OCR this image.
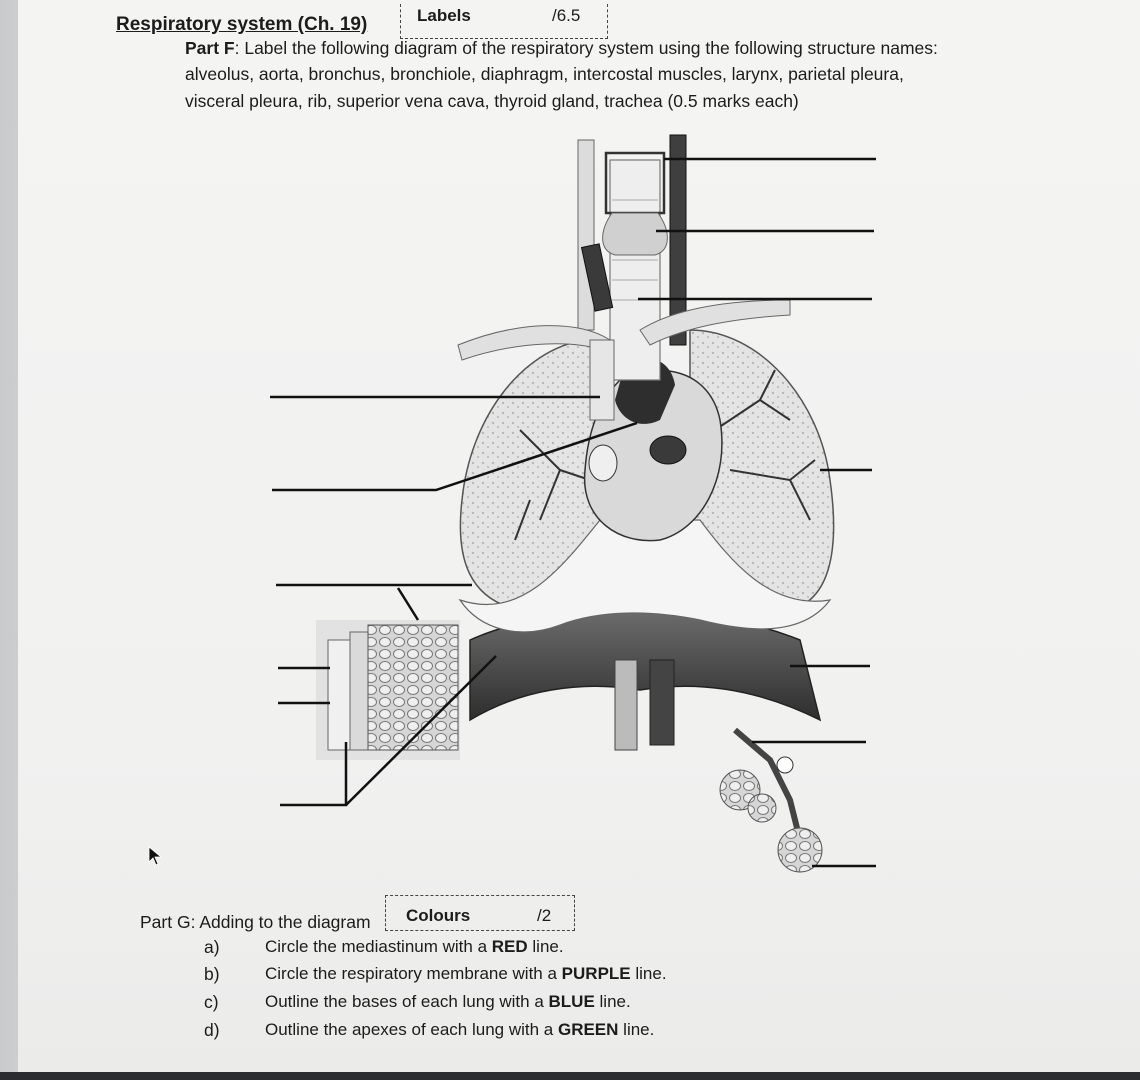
Respiratory system (Ch. 19)	Labels	/6.5
Part F: Label the following diagram of the respiratory system using the following structure names:
alveolus, aorta, bronchus, bronchiole, diaphragm, intercostal muscles, larynx, parietal pleura,
visceral pleura, rib, superior vena cava, thyroid gland, trachea (0.5 marks each)
Part G: Adding to the diagram Colours	/2
a)	Circle the mediastinum with a RED line.
b)	Circle the respiratory membrane with a PURPLE line.
c)	Outline the bases of each lung with a BLUE line.
d)	Outline the apexes of each lung with a GREEN line.
